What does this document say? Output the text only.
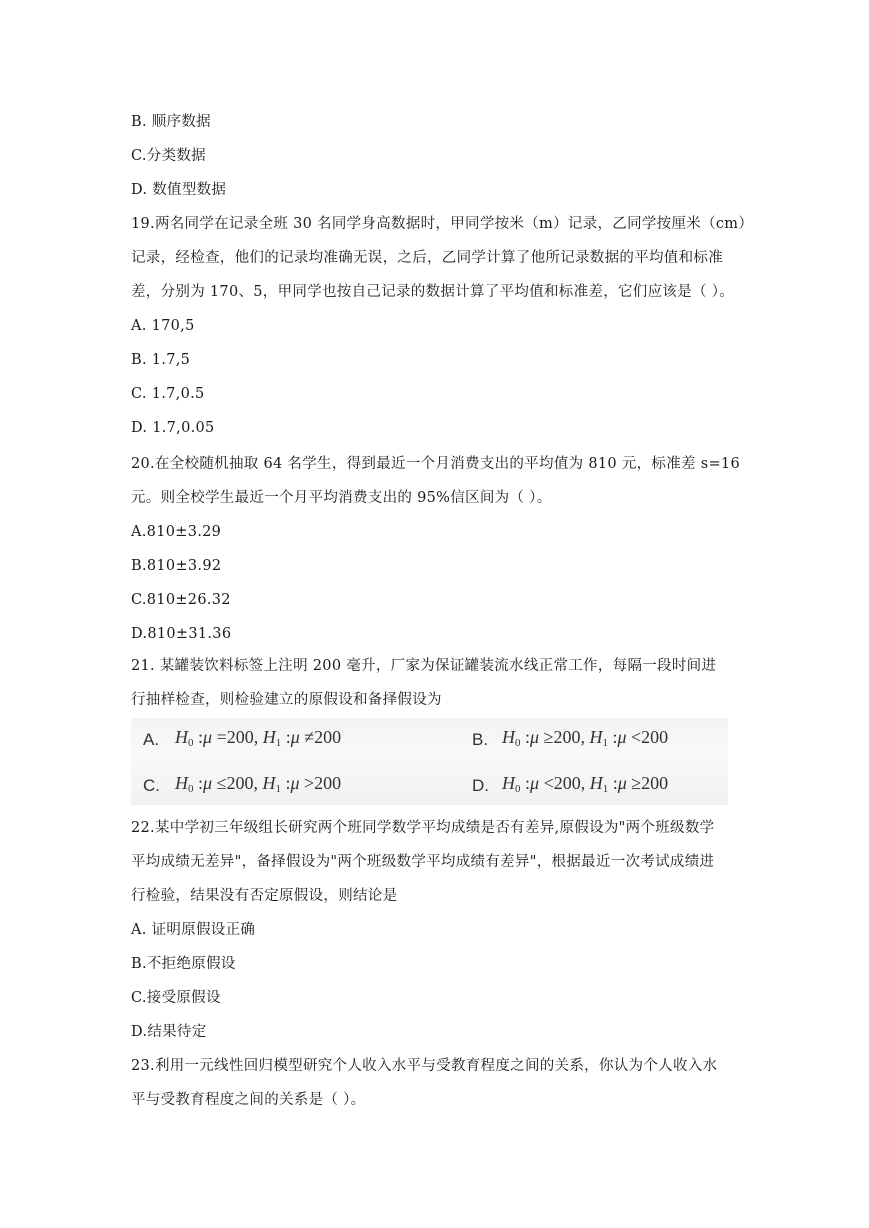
B. 顺序数据
C.分类数据
D. 数值型数据
19.两名同学在记录全班 30 名同学身高数据时，甲同学按米（m）记录，乙同学按厘米（cm）
记录，经检查，他们的记录均准确无误，之后，乙同学计算了他所记录数据的平均值和标准
差，分别为 170、5，甲同学也按自己记录的数据计算了平均值和标准差，它们应该是（ ）。
A. 170,5
B. 1.7,5
C. 1.7,0.5
D. 1.7,0.05
20.在全校随机抽取 64 名学生，得到最近一个月消费支出的平均值为 810 元，标准差 s=16
元。则全校学生最近一个月平均消费支出的 95%信区间为（ ）。
A.810±3.29
B.810±3.92
C.810±26.32
D.810±31.36
21. 某罐装饮料标签上注明 200 毫升，厂家为保证罐装流水线正常工作，每隔一段时间进
行抽样检查，则检验建立的原假设和备择假设为
A. $H_0$ :μ =200, $H_1$ :μ ≠200	B. $H_0$ :μ ≥200, $H_1$ :μ <200
C. $H_0$ :μ ≤200, $H_1$ :μ >200	D. $H_0$ :μ <200, $H_1$ :μ ≥200
22.某中学初三年级组长研究两个班同学数学平均成绩是否有差异,原假设为"两个班级数学
平均成绩无差异"，备择假设为"两个班级数学平均成绩有差异"，根据最近一次考试成绩进
行检验，结果没有否定原假设，则结论是
A. 证明原假设正确
B.不拒绝原假设
C.接受原假设
D.结果待定
23.利用一元线性回归模型研究个人收入水平与受教育程度之间的关系，你认为个人收入水
平与受教育程度之间的关系是（ ）。
